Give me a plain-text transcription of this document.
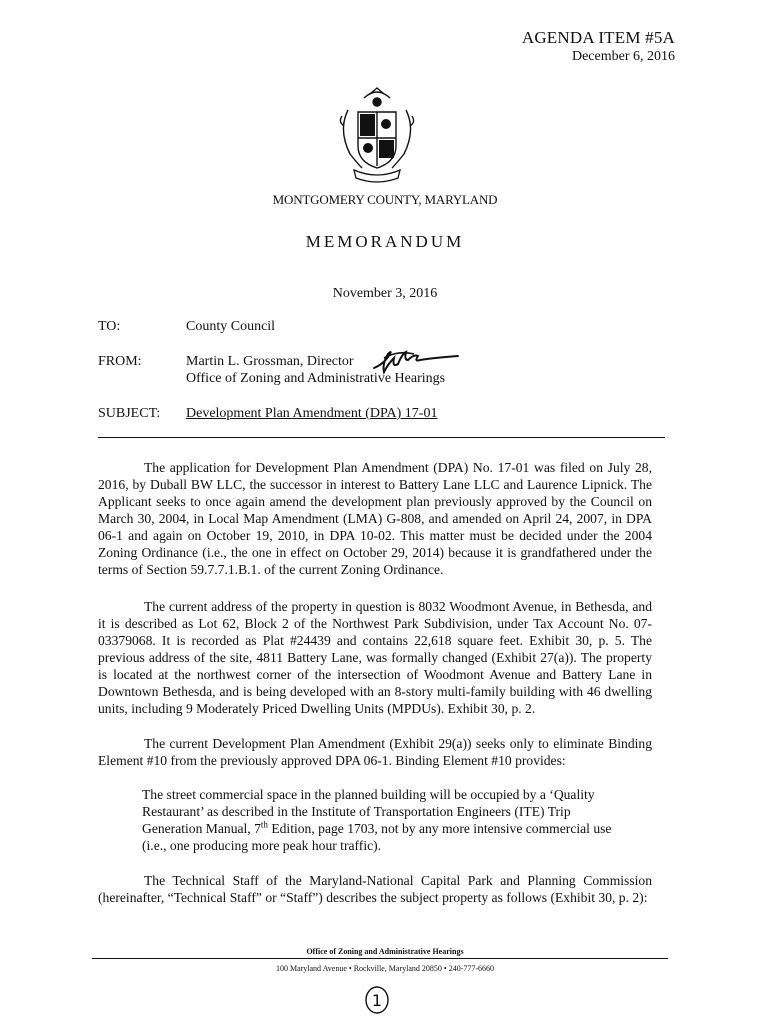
AGENDA ITEM #5A
December 6, 2016
MONTGOMERY COUNTY, MARYLAND
MEMORANDUM
November 3, 2016
TO:	County Council
FROM:	Martin L. Grossman, Director
Office of Zoning and Administrative Hearings
SUBJECT: Development Plan Amendment (DPA) 17-01

The application for Development Plan Amendment (DPA) No. 17-01 was filed on July 28, 2016, by Duball BW LLC, the successor in interest to Battery Lane LLC and Laurence Lipnick. The Applicant seeks to once again amend the development plan previously approved by the Council on March 30, 2004, in Local Map Amendment (LMA) G-808, and amended on April 24, 2007, in DPA 06-1 and again on October 19, 2010, in DPA 10-02. This matter must be decided under the 2004 Zoning Ordinance (i.e., the one in effect on October 29, 2014) because it is grandfathered under the terms of Section 59.7.7.1.B.1. of the current Zoning Ordinance.

The current address of the property in question is 8032 Woodmont Avenue, in Bethesda, and it is described as Lot 62, Block 2 of the Northwest Park Subdivision, under Tax Account No. 07-03379068. It is recorded as Plat #24439 and contains 22,618 square feet. Exhibit 30, p. 5. The previous address of the site, 4811 Battery Lane, was formally changed (Exhibit 27(a)). The property is located at the northwest corner of the intersection of Woodmont Avenue and Battery Lane in Downtown Bethesda, and is being developed with an 8-story multi-family building with 46 dwelling units, including 9 Moderately Priced Dwelling Units (MPDUs). Exhibit 30, p. 2.

The current Development Plan Amendment (Exhibit 29(a)) seeks only to eliminate Binding Element #10 from the previously approved DPA 06-1. Binding Element #10 provides:

The street commercial space in the planned building will be occupied by a ‘Quality Restaurant’ as described in the Institute of Transportation Engineers (ITE) Trip Generation Manual, 7th Edition, page 1703, not by any more intensive commercial use (i.e., one producing more peak hour traffic).

The Technical Staff of the Maryland-National Capital Park and Planning Commission (hereinafter, “Technical Staff” or “Staff”) describes the subject property as follows (Exhibit 30, p. 2):

Office of Zoning and Administrative Hearings
100 Maryland Avenue • Rockville, Maryland 20850 • 240-777-6660
1
